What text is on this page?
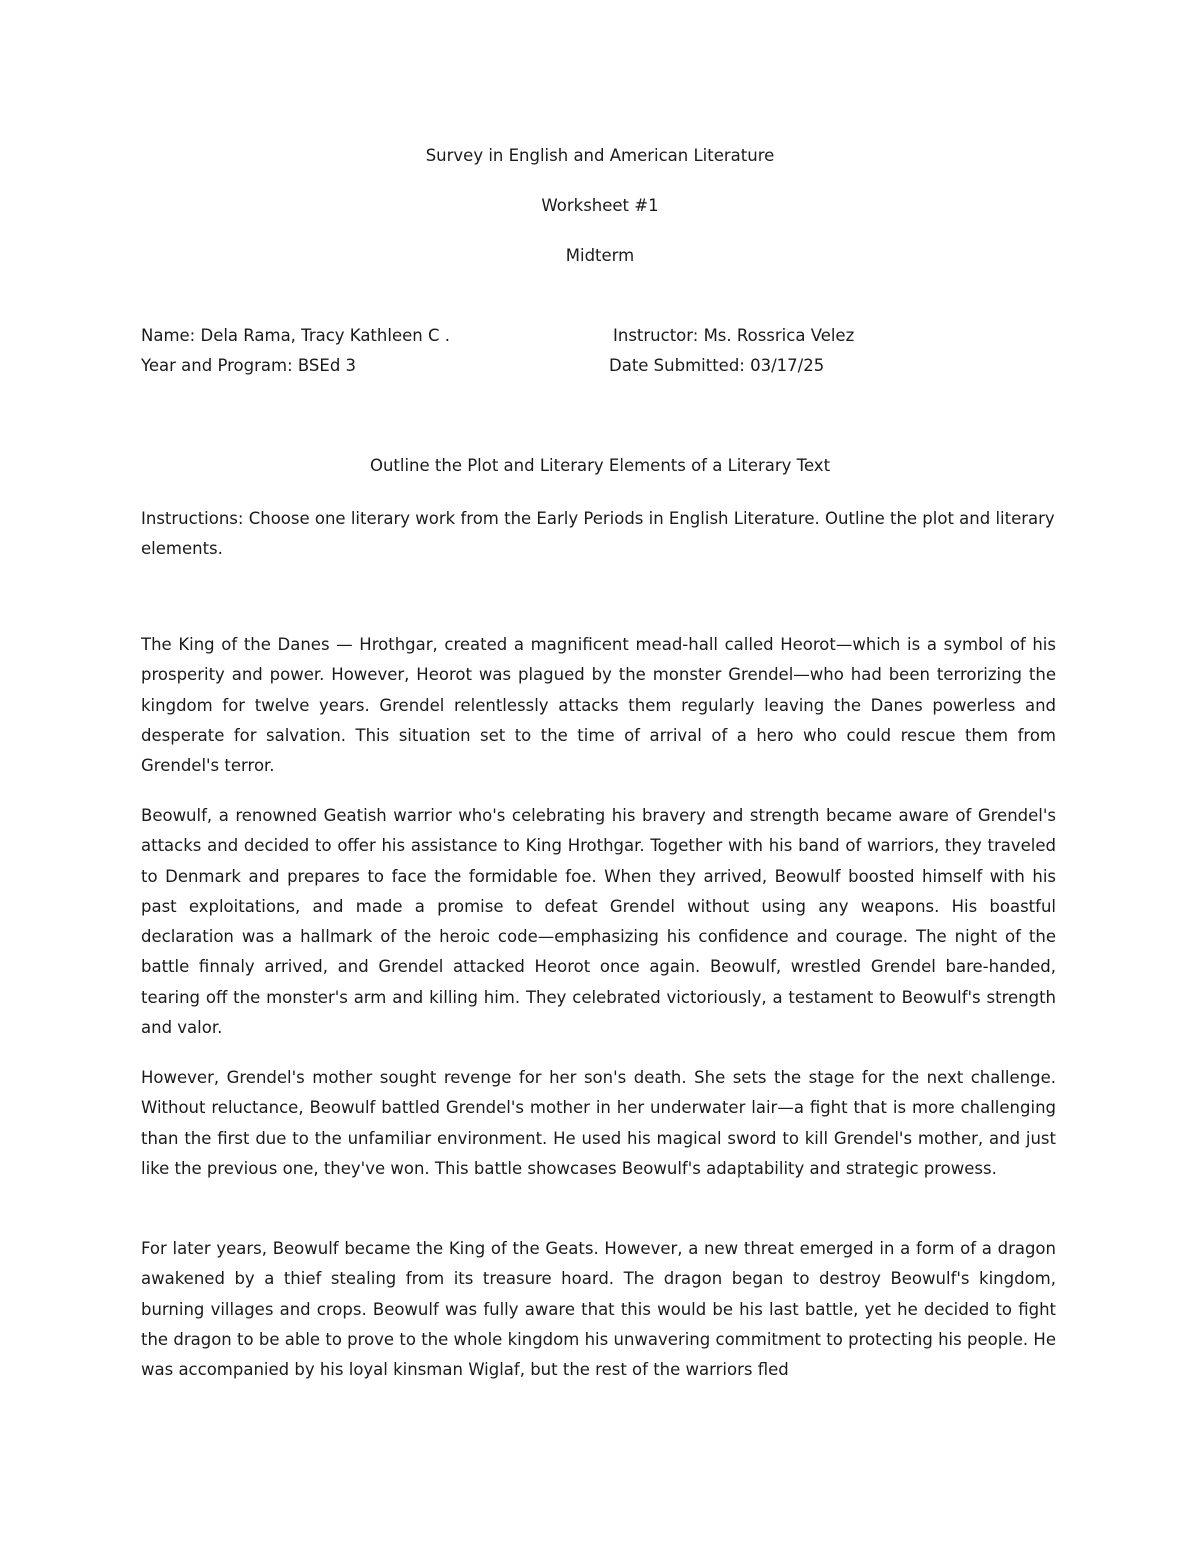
Survey in English and American Literature
Worksheet #1
Midterm
Name: Dela Rama, Tracy Kathleen C .	Instructor: Ms. Rossrica Velez
Year and Program: BSEd 3	Date Submitted: 03/17/25
Outline the Plot and Literary Elements of a Literary Text
Instructions: Choose one literary work from the Early Periods in English Literature. Outline the plot and literary elements.

The King of the Danes — Hrothgar, created a magnificent mead-hall called Heorot—which is a symbol of his prosperity and power. However, Heorot was plagued by the monster Grendel—who had been terrorizing the kingdom for twelve years. Grendel relentlessly attacks them regularly leaving the Danes powerless and desperate for salvation. This situation set to the time of arrival of a hero who could rescue them from Grendel's terror.

Beowulf, a renowned Geatish warrior who's celebrating his bravery and strength became aware of Grendel's attacks and decided to offer his assistance to King Hrothgar. Together with his band of warriors, they traveled to Denmark and prepares to face the formidable foe. When they arrived, Beowulf boosted himself with his past exploitations, and made a promise to defeat Grendel without using any weapons. His boastful declaration was a hallmark of the heroic code—emphasizing his confidence and courage. The night of the battle finnaly arrived, and Grendel attacked Heorot once again. Beowulf, wrestled Grendel bare-handed, tearing off the monster's arm and killing him. They celebrated victoriously, a testament to Beowulf's strength and valor.

However, Grendel's mother sought revenge for her son's death. She sets the stage for the next challenge. Without reluctance, Beowulf battled Grendel's mother in her underwater lair—a fight that is more challenging than the first due to the unfamiliar environment. He used his magical sword to kill Grendel's mother, and just like the previous one, they've won. This battle showcases Beowulf's adaptability and strategic prowess.

For later years, Beowulf became the King of the Geats. However, a new threat emerged in a form of a dragon awakened by a thief stealing from its treasure hoard. The dragon began to destroy Beowulf's kingdom, burning villages and crops. Beowulf was fully aware that this would be his last battle, yet he decided to fight the dragon to be able to prove to the whole kingdom his unwavering commitment to protecting his people. He was accompanied by his loyal kinsman Wiglaf, but the rest of the warriors fled
